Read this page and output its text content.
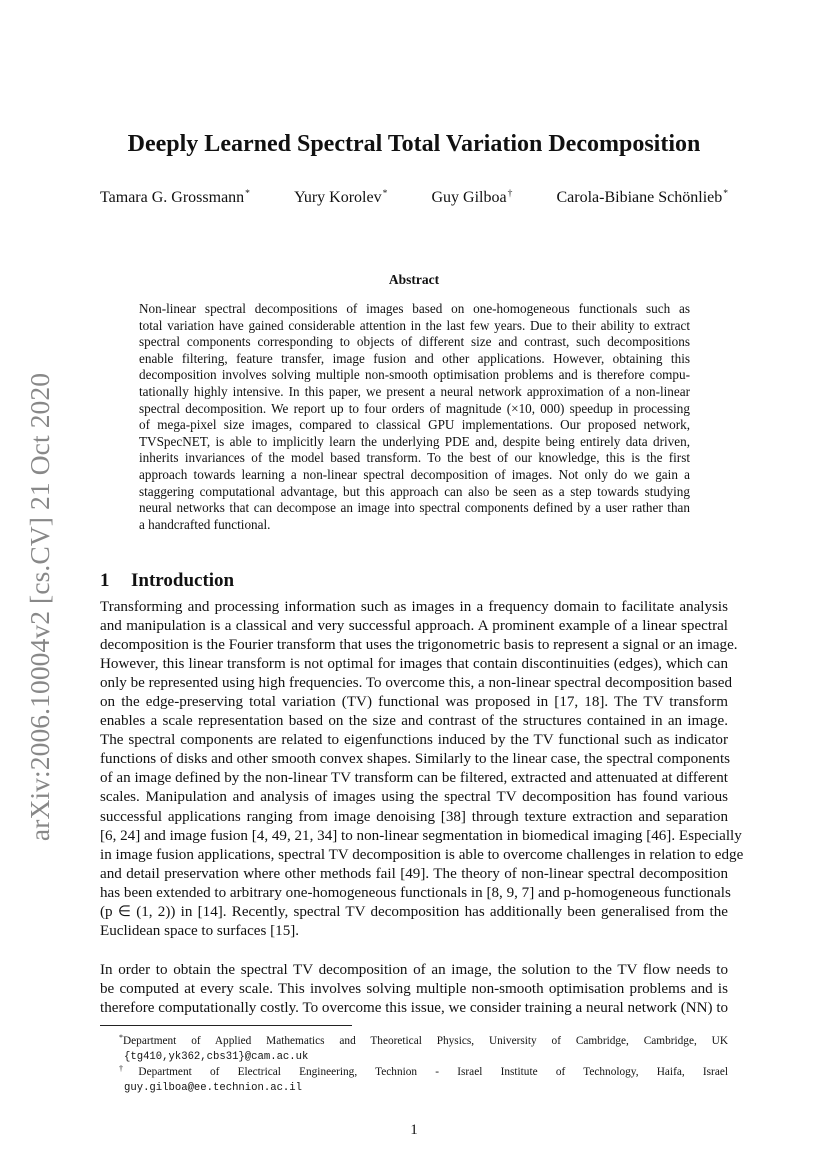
arXiv:2006.10004v2 [cs.CV] 21 Oct 2020
Deeply Learned Spectral Total Variation Decomposition
Tamara G. Grossmann*	Yury Korolev*	Guy Gilboa†	Carola-Bibiane Schönlieb*
Abstract
Non-linear spectral decompositions of images based on one-homogeneous functionals such as
total variation have gained considerable attention in the last few years. Due to their ability to extract
spectral components corresponding to objects of different size and contrast, such decompositions
enable filtering, feature transfer, image fusion and other applications. However, obtaining this
decomposition involves solving multiple non-smooth optimisation problems and is therefore compu-
tationally highly intensive. In this paper, we present a neural network approximation of a non-linear
spectral decomposition. We report up to four orders of magnitude (×10, 000) speedup in processing
of mega-pixel size images, compared to classical GPU implementations. Our proposed network,
TVSpecNET, is able to implicitly learn the underlying PDE and, despite being entirely data driven,
inherits invariances of the model based transform. To the best of our knowledge, this is the first
approach towards learning a non-linear spectral decomposition of images. Not only do we gain a
staggering computational advantage, but this approach can also be seen as a step towards studying
neural networks that can decompose an image into spectral components defined by a user rather than
a handcrafted functional.
1 Introduction
Transforming and processing information such as images in a frequency domain to facilitate analysis
and manipulation is a classical and very successful approach. A prominent example of a linear spectral
decomposition is the Fourier transform that uses the trigonometric basis to represent a signal or an image.
However, this linear transform is not optimal for images that contain discontinuities (edges), which can
only be represented using high frequencies. To overcome this, a non-linear spectral decomposition based
on the edge-preserving total variation (TV) functional was proposed in [17, 18]. The TV transform
enables a scale representation based on the size and contrast of the structures contained in an image.
The spectral components are related to eigenfunctions induced by the TV functional such as indicator
functions of disks and other smooth convex shapes. Similarly to the linear case, the spectral components
of an image defined by the non-linear TV transform can be filtered, extracted and attenuated at different
scales. Manipulation and analysis of images using the spectral TV decomposition has found various
successful applications ranging from image denoising [38] through texture extraction and separation
[6, 24] and image fusion [4, 49, 21, 34] to non-linear segmentation in biomedical imaging [46]. Especially
in image fusion applications, spectral TV decomposition is able to overcome challenges in relation to edge
and detail preservation where other methods fail [49]. The theory of non-linear spectral decomposition
has been extended to arbitrary one-homogeneous functionals in [8, 9, 7] and p-homogeneous functionals
(p ∈ (1, 2)) in [14]. Recently, spectral TV decomposition has additionally been generalised from the
Euclidean space to surfaces [15].
In order to obtain the spectral TV decomposition of an image, the solution to the TV flow needs to
be computed at every scale. This involves solving multiple non-smooth optimisation problems and is
therefore computationally costly. To overcome this issue, we consider training a neural network (NN) to
*Department of Applied Mathematics and Theoretical Physics, University of Cambridge, Cambridge, UK
{tg410,yk362,cbs31}@cam.ac.uk
†Department of Electrical Engineering, Technion - Israel Institute of Technology, Haifa, Israel
guy.gilboa@ee.technion.ac.il
1
